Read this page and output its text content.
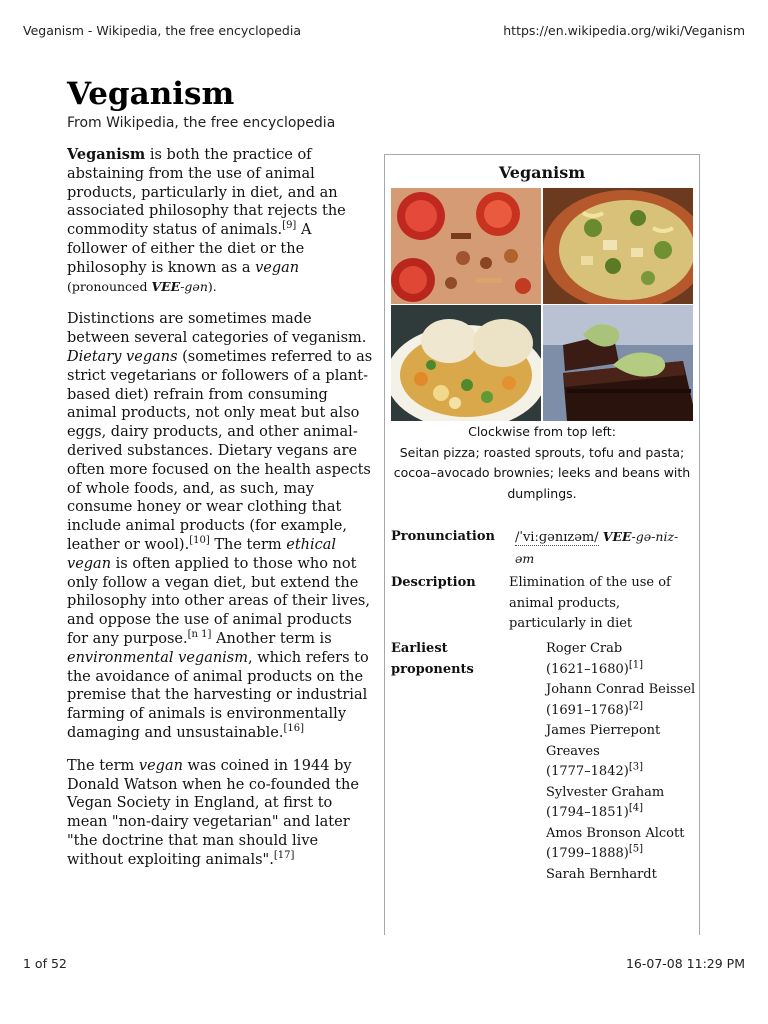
Veganism - Wikipedia, the free encyclopedia	https://en.wikipedia.org/wiki/Veganism
Veganism
From Wikipedia, the free encyclopedia

Veganism is both the practice of abstaining from the use of animal products, particularly in diet, and an associated philosophy that rejects the commodity status of animals.[9] A follower of either the diet or the philosophy is known as a vegan
(pronounced VEE-gən).

Distinctions are sometimes made between several categories of veganism. Dietary vegans (sometimes referred to as strict vegetarians or followers of a plant-based diet) refrain from consuming animal products, not only meat but also eggs, dairy products, and other animal-derived substances. Dietary vegans are often more focused on the health aspects of whole foods, and, as such, may consume honey or wear clothing that include animal products (for example, leather or wool).[10] The term ethical vegan is often applied to those who not only follow a vegan diet, but extend the philosophy into other areas of their lives, and oppose the use of animal products for any purpose.[n 1] Another term is environmental veganism, which refers to the avoidance of animal products on the premise that the harvesting or industrial farming of animals is environmentally damaging and unsustainable.[16]

The term vegan was coined in 1944 by Donald Watson when he co-founded the Vegan Society in England, at first to mean "non-dairy vegetarian" and later "the doctrine that man should live without exploiting animals".[17]

Veganism
Clockwise from top left:
Seitan pizza; roasted sprouts, tofu and pasta;
cocoa–avocado brownies; leeks and beans with dumplings.
Pronunciation	/ˈviːɡənɪzəm/ VEE-gə-niz-əm
Description	Elimination of the use of animal products, particularly in diet
Earliest proponents
Roger Crab
(1621–1680)[1]
Johann Conrad Beissel
(1691–1768)[2]
James Pierrepont Greaves
(1777–1842)[3]
Sylvester Graham
(1794–1851)[4]
Amos Bronson Alcott
(1799–1888)[5]
Sarah Bernhardt
1 of 52	16-07-08 11:29 PM
